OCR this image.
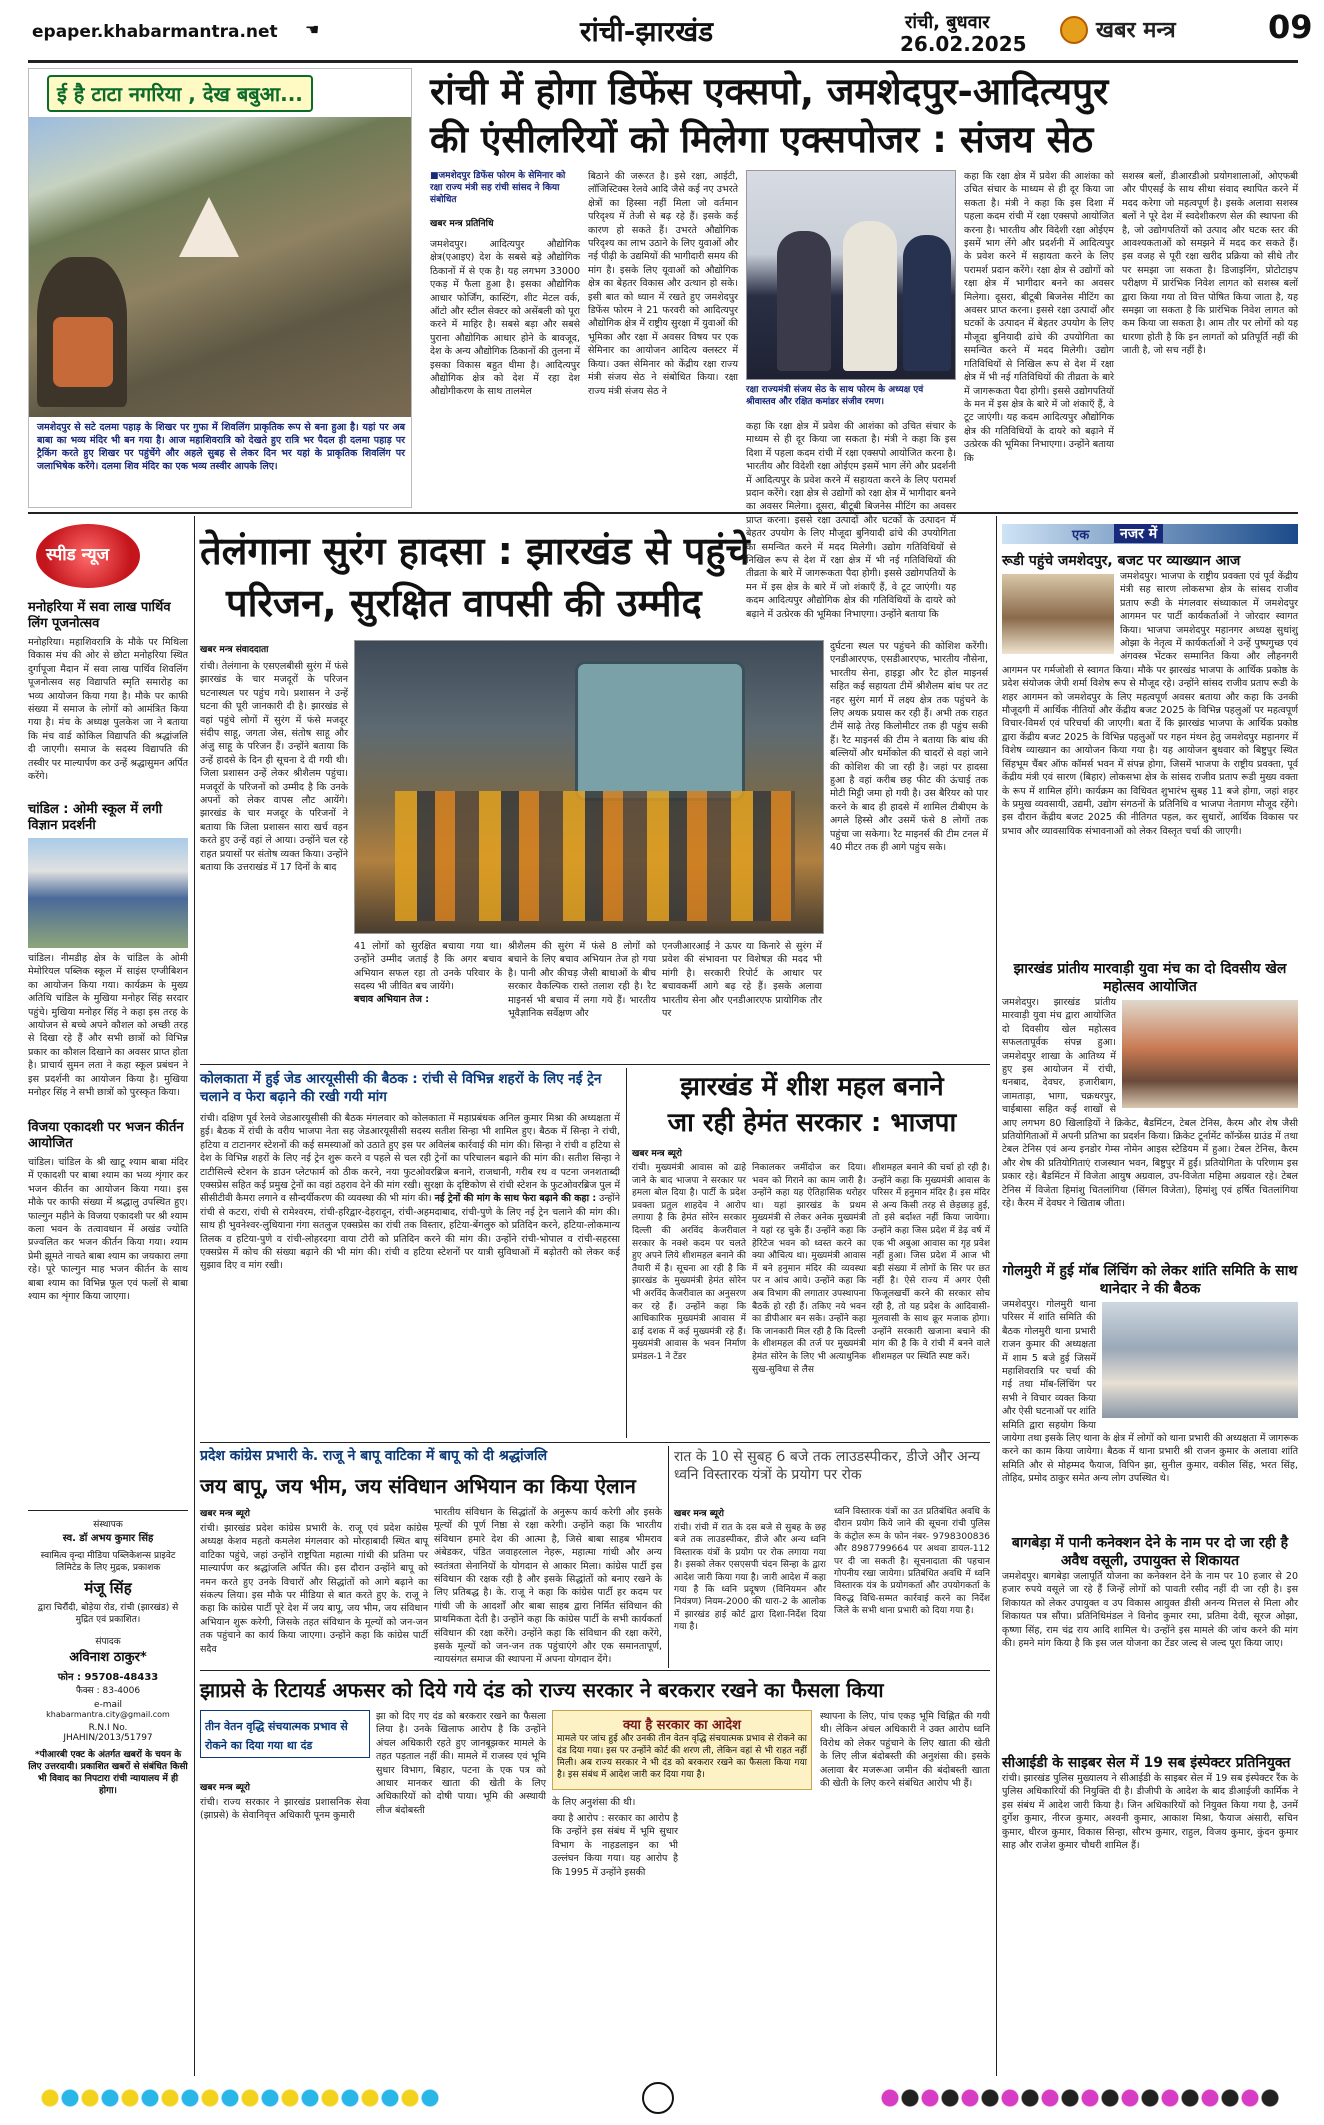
epaper.khabarmantra.net ☚	रांची-झारखंड	रांची, बुधवार
26.02.2025
खबर मन्त्र	09
ई है टाटा नगरिया , देख बबुआ...
जमशेदपुर से सटे दलमा पहाड़ के शिखर पर गुफा में शिवलिंग प्राकृतिक रूप से बना हुआ है। यहां पर अब बाबा का भव्य मंदिर भी बन गया है। आज महाशिवरात्रि को देखते हुए रात्रि भर पैदल ही दलमा पहाड़ पर ट्रैकिंग करते हुए शिखर पर पहुंचेंगे और अहले सुबह से लेकर दिन भर यहां के प्राकृतिक शिवलिंग पर जलाभिषेक करेंगे। दलमा शिव मंदिर का एक भव्य तस्वीर आपके लिए।
रांची में होगा डिफेंस एक्सपो, जमशेदपुर-आदित्यपुर
की एंसीलरियों को मिलेगा एक्सपोजर : संजय सेठ
■जमशेदपुर डिफेंस फोरम के सेमिनार को रक्षा राज्य मंत्री सह रांची सांसद ने किया संबोधित
खबर मन्त्र प्रतिनिधि
जमशेदपुर। आदित्यपुर औद्योगिक क्षेत्र(एआइए) देश के सबसे बड़े औद्योगिक ठिकानों में से एक है। यह लगभग 33000 एकड़ में फैला हुआ है। इसका औद्योगिक आधार फोर्जिंग, कास्टिंग, शीट मेटल वर्क, ऑटो और स्टील सेक्टर को असेंबली को पूरा करने में माहिर है। सबसे बड़ा और सबसे पुराना औद्योगिक आधार होने के बावजूद, देश के अन्य औद्योगिक ठिकानों की तुलना में इसका विकास बहुत धीमा है। आदित्यपुर औद्योगिक क्षेत्र को देश में रहा देश औद्योगीकरण के साथ तालमेल
बिठाने की जरूरत है। इसे रक्षा, आईटी, लॉजिस्टिक्स रेलवे आदि जैसे कई नए उभरते क्षेत्रों का हिस्सा नहीं मिला जो वर्तमान परिदृश्य में तेजी से बढ़ रहे हैं। इसके कई कारण हो सकते हैं। उभरते औद्योगिक परिदृश्य का लाभ उठाने के लिए युवाओं और नई पीढ़ी के उद्यमियों की भागीदारी समय की मांग है। इसके लिए यूवाओं को औद्योगिक क्षेत्र का बेहतर विकास और उत्थान हो सके। इसी बात को ध्यान में रखते हुए जमशेदपुर डिफेंस फोरम ने 21 फरवरी को आदित्यपुर औद्योगिक क्षेत्र में राष्ट्रीय सुरक्षा में युवाओं की भूमिका और रक्षा में अवसर विषय पर एक सेमिनार का आयोजन आदित्य क्लस्टर में किया। उक्त सेमिनार को केंद्रीय रक्षा राज्य मंत्री संजय सेठ ने संबोधित किया। रक्षा राज्य मंत्री संजय सेठ ने	रक्षा राज्यमंत्री संजय सेठ के साथ फोरम के अध्यक्ष एवं श्रीवास्तव और रक्षित कमांडर संजीव रमण।
कहा कि रक्षा क्षेत्र में प्रवेश की आशंका को उचित संचार के माध्यम से ही दूर किया जा सकता है। मंत्री ने कहा कि इस दिशा में पहला कदम रांची में रक्षा एक्सपो आयोजित करना है। भारतीय और विदेशी रक्षा ओईएम इसमें भाग लेंगे और प्रदर्शनी में आदित्यपुर के प्रवेश करने में सहायता करने के लिए परामर्श प्रदान करेंगे। रक्षा क्षेत्र से उद्योगों को रक्षा क्षेत्र में भागीदार बनने का अवसर मिलेगा। दूसरा, बीटूबी बिजनेस मीटिंग का अवसर प्राप्त करना। इससे रक्षा उत्पादों और घटकों के उत्पादन में बेहतर उपयोग के लिए मौजूदा बुनियादी ढांचे की उपयोगिता का समन्वित करने में मदद मिलेगी। उद्योग गतिविधियों से निखिल रूप से देश में रक्षा क्षेत्र में भी नई गतिविधियों की तीव्रता के बारे में जागरूकता पैदा होगी। इससे उद्योगपतियों के मन में इस क्षेत्र के बारे में जो शंकाएँ हैं, वे टूट जाएंगी। यह कदम आदित्यपुर औद्योगिक क्षेत्र की गतिविधियों के दायरे को बढ़ाने में उत्प्रेरक की भूमिका निभाएगा। उन्होंने बताया कि
सशस्त्र बलों, डीआरडीओ प्रयोगशालाओं, ओएफबी और पीएसई के साथ सीधा संवाद स्थापित करने में मदद करेगा जो महत्वपूर्ण है। इसके अलावा सशस्त्र बलों ने पूरे देश में स्वदेशीकरण सेल की स्थापना की है, जो उद्योगपतियों को उत्पाद और घटक स्तर की आवश्यकताओं को समझने में मदद कर सकते हैं। इस वजह से पूरी रक्षा खरीद प्रक्रिया को सीधे तौर पर समझा जा सकता है। डिजाइनिंग, प्रोटोटाइप परीक्षण में प्रारंभिक निवेश लागत को सशस्त्र बलों द्वारा किया गया तो वित्त पोषित किया जाता है, यह समझा जा सकता है कि प्रारंभिक निवेश लागत को कम किया जा सकता है। आम तौर पर लोगों को यह धारणा होती है कि इन लागतों को प्रतिपूर्ति नहीं की जाती है, जो सच नहीं है।
कहा कि रक्षा क्षेत्र में प्रवेश की आशंका को उचित संचार के माध्यम से ही दूर किया जा सकता है। मंत्री ने कहा कि इस दिशा में पहला कदम रांची में रक्षा एक्सपो आयोजित करना है। भारतीय और विदेशी रक्षा ओईएम इसमें भाग लेंगे और प्रदर्शनी में आदित्यपुर के प्रवेश करने में सहायता करने के लिए परामर्श प्रदान करेंगे। रक्षा क्षेत्र से उद्योगों को रक्षा क्षेत्र में भागीदार बनने का अवसर मिलेगा। दूसरा, बीटूबी बिजनेस मीटिंग का अवसर प्राप्त करना। इससे रक्षा उत्पादों और घटकों के उत्पादन में बेहतर उपयोग के लिए मौजूदा बुनियादी ढांचे की उपयोगिता का समन्वित करने में मदद मिलेगी। उद्योग गतिविधियों से निखिल रूप से देश में रक्षा क्षेत्र में भी नई गतिविधियों की तीव्रता के बारे में जागरूकता पैदा होगी। इससे उद्योगपतियों के मन में इस क्षेत्र के बारे में जो शंकाएँ हैं, वे टूट जाएंगी। यह कदम आदित्यपुर औद्योगिक क्षेत्र की गतिविधियों के दायरे को बढ़ाने में उत्प्रेरक की भूमिका निभाएगा। उन्होंने बताया कि
स्पीड न्यूज
मनोहरिया में सवा लाख पार्थिव लिंग पूजनोत्सव
मनोहरिया। महाशिवरात्रि के मौके पर मिथिला विकास मंच की ओर से छोटा मनोहरिया स्थित दुर्गापूजा मैदान में सवा लाख पार्थिव शिवलिंग पूजनोत्सव सह विद्यापति स्मृति समारोह का भव्य आयोजन किया गया है। मौके पर काफी संख्या में समाज के लोगों को आमंत्रित किया गया है। मंच के अध्यक्ष पुलकेश जा ने बताया कि मंच वार्ड कोकिल विद्यापति की श्रद्धांजलि दी जाएगी। समाज के सदस्य विद्यापति की तस्वीर पर माल्यार्पण कर उन्हें श्रद्धासुमन अर्पित करेंगे।
चांडिल : ओमी स्कूल में लगी विज्ञान प्रदर्शनी
चांडिल। नीमडीह क्षेत्र के चांडिल के ओमी मेमोरियल पब्लिक स्कूल में साइंस एग्जीबिशन का आयोजन किया गया। कार्यक्रम के मुख्य अतिथि चांडिल के मुखिया मनोहर सिंह सरदार पहुंचे। मुखिया मनोहर सिंह ने कहा इस तरह के आयोजन से बच्चे अपने कौशल को अच्छी तरह से दिखा रहे हैं और सभी छात्रों को विभिन्न प्रकार का कौशल दिखाने का अवसर प्राप्त होता है। प्राचार्य सुमन लता ने कहा स्कूल प्रबंधन ने इस प्रदर्शनी का आयोजन किया है। मुखिया मनोहर सिंह ने सभी छात्रों को पुरस्कृत किया।
विजया एकादशी पर भजन कीर्तन आयोजित
चांडिल। चांडिल के श्री खाटू श्याम बाबा मंदिर में एकादशी पर बाबा श्याम का भव्य शृंगार कर भजन कीर्तन का आयोजन किया गया। इस मौके पर काफी संख्या में श्रद्धालु उपस्थित हुए। फाल्गुन महीने के विजया एकादशी पर श्री श्याम कला भवन के तत्वावधान में अखंड ज्योति प्रज्वलित कर भजन कीर्तन किया गया। श्याम प्रेमी झूमते नाचते बाबा श्याम का जयकारा लगा रहे। पूरे फाल्गुन माह भजन कीर्तन के साथ बाबा श्याम का विभिन्न फूल एवं फलों से बाबा श्याम का शृंगार किया जाएगा।
संस्थापक
स्व. डॉ अभय कुमार सिंह
स्वामित्व वृन्दा मीडिया पब्लिकेशन्स प्राइवेट लिमिटेड के लिए मुद्रक, प्रकाशक
मंजू सिंह
द्वारा चिरौंदी, बोड़ेया रोड, रांची (झारखंड) से मुद्रित एवं प्रकाशित।
संपादक
अविनाश ठाकुर*
फोन : 95708-48433
फैक्स : 83-4006
e-mail
khabarmantra.city@gmail.com
R.N.I No.
JHAHIN/2013/51797
*पीआरबी एक्ट के अंतर्गत खबरों के चयन के लिए उत्तरदायी। प्रकाशित खबरों से संबंधित किसी भी विवाद का निपटारा रांची न्यायालय में ही होगा।
तेलंगाना सुरंग हादसा : झारखंड से पहुंचे
परिजन, सुरक्षित वापसी की उम्मीद
खबर मन्त्र संवाददाता
रांची। तेलंगाना के एसएलबीसी सुरंग में फंसे झारखंड के चार मजदूरों के परिजन घटनास्थल पर पहुंच गये। प्रशासन ने उन्हें घटना की पूरी जानकारी दी है। झारखंड से वहां पहुंचे लोगों में सुरंग में फंसे मजदूर संदीप साहू, जगता जेस, संतोष साहू और अंजु साहू के परिजन हैं। उन्होंने बताया कि उन्हें हादसे के दिन ही सूचना दे दी गयी थी। जिला प्रशासन उन्हें लेकर श्रीशैलम पहुंचा। मजदूरों के परिजनों को उम्मीद है कि उनके अपनों को लेकर वापस लौट आयेंगे। झारखंड के चार मजदूर के परिजनों ने बताया कि जिला प्रशासन सारा खर्च वहन करते हुए उन्हें वहां ले आया। उन्होंने चल रहे राहत प्रयासों पर संतोष व्यक्त किया। उन्होंने बताया कि उत्तराखंड में 17 दिनों के बाद
41 लोगों को सुरक्षित बचाया गया था। उन्होंने उम्मीद जताई है कि अगर बचाव अभियान सफल रहा तो उनके परिवार के सदस्य भी जीवित बच जायेंगे।
बचाव अभियान तेज :
श्रीशैलम की सुरंग में फंसे 8 लोगों को बचाने के लिए बचाव अभियान तेज हो गया है। पानी और कीचड़ जैसी बाधाओं के बीच सरकार वैकल्पिक रास्ते तलाश रही है। रैट माइनर्स भी बचाव में लगा गये हैं। भारतीय भूवैज्ञानिक सर्वेक्षण और
एनजीआरआई ने ऊपर या किनारे से सुरंग में प्रवेश की संभावना पर विशेषज्ञ की मदद भी मांगी है। सरकारी रिपोर्ट के आधार पर बचावकर्मी आगे बढ़ रहे हैं। इसके अलावा भारतीय सेना और एनडीआरएफ प्रायोगिक तौर पर
दुर्घटना स्थल पर पहुंचने की कोशिश करेंगी। एनडीआरएफ, एसडीआरएफ, भारतीय नौसेना, भारतीय सेना, हाइड्रा और रैट होल माइनर्स सहित कई सहायता टीमें श्रीशैलम बांध पर तट नहर सुरंग मार्ग में लक्ष्य क्षेत्र तक पहुंचने के लिए अथक प्रयास कर रही हैं। अभी तक राहत टीमें साढ़े तेरह किलोमीटर तक ही पहुंच सकी हैं। रैट माइनर्स की टीम ने बताया कि बांध की बल्लियों और धर्मोकोल की चादरों से वहां जाने की कोशिश की जा रही है। जहां पर हादसा हुआ है वहां करीब छह फीट की ऊंचाई तक मोटी मिट्टी जमा हो गयी है। उस बैरियर को पार करने के बाद ही हादसे में शामिल टीबीएम के अगले हिस्से और उसमें फंसे 8 लोगों तक पहुंचा जा सकेगा। रैट माइनर्स की टीम टनल में 40 मीटर तक ही आगे पहुंच सके।
कोलकाता में हुई जेड आरयूसीसी की बैठक : रांची से विभिन्न शहरों के लिए नई ट्रेन चलाने व फेरा बढ़ाने की रखी गयी मांग
रांची। दक्षिण पूर्व रेलवे जेडआरयूसीसी की बैठक मंगलवार को कोलकाता में महाप्रबंधक अनिल कुमार मिश्रा की अध्यक्षता में हुई। बैठक में रांची के वरीय भाजपा नेता सह जेडआरयूसीसी सदस्य सतीश सिन्हा भी शामिल हुए। बैठक में सिन्हा ने रांची, हटिया व टाटानगर स्टेशनों की कई समस्याओं को उठाते हुए इस पर अविलंब कार्रवाई की मांग की। सिन्हा ने रांची व हटिया से देश के विभिन्न शहरों के लिए नई ट्रेन शुरू करने व पहले से चल रही ट्रेनों का परिचालन बढ़ाने की मांग की। सतीश सिन्हा ने टाटीसिल्वे स्टेशन के डाउन प्लेटफार्म को ठीक करने, नया फुटओवरब्रिज बनाने, राजधानी, गरीब रथ व पटना जनशताब्दी एक्सप्रेस सहित कई प्रमुख ट्रेनों का वहां ठहराव देने की मांग रखी। सुरक्षा के दृष्टिकोण से रांची स्टेशन के फुटओवरब्रिज पुल में सीसीटीवी कैमरा लगाने व सौन्दर्यीकरण की व्यवस्था की भी मांग की। नई ट्रेनों की मांग के साथ फेरा बढ़ाने की कहा : उन्होंने रांची से कटरा, रांची से रामेश्वरम, रांची-हरिद्वार-देहरादून, रांची-अहमदाबाद, रांची-पुणे के लिए नई ट्रेन चलाने की मांग की। साथ ही भुवनेश्वर-लुधियाना गंगा सतलुज एक्सप्रेस का रांची तक विस्तार, हटिया-बेंगलुरु को प्रतिदिन करने, हटिया-लोकमान्य तिलक व हटिया-पुणे व रांची-लोहरदगा वाया टोरी को प्रतिदिन करने की मांग की। उन्होंने रांची-भोपाल व रांची-सहरसा एक्सप्रेस में कोच की संख्या बढ़ाने की भी मांग की। रांची व हटिया स्टेशनों पर यात्री सुविधाओं में बढ़ोतरी को लेकर कई सुझाव दिए व मांग रखी।
झारखंड में शीश महल बनाने
जा रही हेमंत सरकार : भाजपा
खबर मन्त्र ब्यूरो
रांची। मुख्यमंत्री आवास को ढाहे जाने के बाद भाजपा ने सरकार पर हमला बोल दिया है। पार्टी के प्रदेश प्रवक्ता प्रतुल शाहदेव ने आरोप लगाया है कि हेमंत सोरेन सरकार दिल्ली की अरविंद केजरीवाल सरकार के नक्शे कदम पर चलते हुए अपने लिये शीशमहल बनाने की तैयारी में है। सूचना आ रही है कि झारखंड के मुख्यमंत्री हेमंत सोरेन भी अरविंद केजरीवाल का अनुसरण कर रहे हैं। उन्होंने कहा कि आधिकारिक मुख्यमंत्री आवास में ढाई दशक में कई मुख्यमंत्री रहे हैं। मुख्यमंत्री आवास के भवन निर्माण प्रमंडल-1 ने टेंडर
निकालकर जमींदोज कर दिया। भवन को गिराने का काम जारी है। उन्होंने कहा यह ऐतिहासिक धरोहर था। यहां झारखंड के प्रथम मुख्यमंत्री से लेकर अनेक मुख्यमंत्री ने यहां रह चुके हैं। उन्होंने कहा कि हेरिटेज भवन को ध्वस्त करने का क्या औचित्य था। मुख्यमंत्री आवास में बने हनुमान मंदिर की व्यवस्था पर न आंच आये। उन्होंने कहा कि अब विभाग की लगातार उपस्थापना बैठकें हो रही हैं। तकिए नये भवन का डीपीआर बन सके। उन्होंने कहा कि जानकारी मिल रही है कि दिल्ली के शीशमहल की तर्ज पर मुख्यमंत्री हेमंत सोरेन के लिए भी अत्याधुनिक सुख-सुविधा से लैस
शीशमहल बनाने की चर्चा हो रही है। उन्होंने कहा कि मुख्यमंत्री आवास के परिसर में हनुमान मंदिर है। इस मंदिर से अन्य किसी तरह से छेड़छाड़ हुई, तो इसे बर्दाश्त नहीं किया जायेगा। उन्होंने कहा जिस प्रदेश में डेढ़ वर्ष में एक भी अबुआ आवास का गृह प्रवेश नहीं हुआ। जिस प्रदेश में आज भी बड़ी संख्या में लोगों के सिर पर छत नहीं है। ऐसे राज्य में अगर ऐसी फिजूलखर्ची करने की सरकार सोच रही है, तो यह प्रदेश के आदिवासी-मूलवासी के साथ क्रूर मजाक होगा। उन्होंने सरकारी खजाना बचाने की मांग की है कि वे रांची में बनने वाले शीशमहल पर स्थिति स्पष्ट करें।
प्रदेश कांग्रेस प्रभारी के. राजू ने बापू वाटिका में बापू को दी श्रद्धांजलि
जय बापू, जय भीम, जय संविधान अभियान का किया ऐलान
खबर मन्त्र ब्यूरो
रांची। झारखंड प्रदेश कांग्रेस प्रभारी के. राजू एवं प्रदेश कांग्रेस अध्यक्ष केशव महतो कमलेश मंगलवार को मोरहाबादी स्थित बापू वाटिका पहुंचे, जहां उन्होंने राष्ट्रपिता महात्मा गांधी की प्रतिमा पर माल्यार्पण कर श्रद्धांजलि अर्पित की। इस दौरान उन्होंने बापू को नमन करते हुए उनके विचारों और सिद्धांतों को आगे बढ़ाने का संकल्प लिया। इस मौके पर मीडिया से बात करते हुए के. राजू ने कहा कि कांग्रेस पार्टी पूरे देश में जय बापू, जय भीम, जय संविधान अभियान शुरू करेगी, जिसके तहत संविधान के मूल्यों को जन-जन तक पहुंचाने का कार्य किया जाएगा। उन्होंने कहा कि कांग्रेस पार्टी सदैव
भारतीय संविधान के सिद्धांतों के अनुरूप कार्य करेगी और इसके मूल्यों की पूर्ण निष्ठा से रक्षा करेगी। उन्होंने कहा कि भारतीय संविधान हमारे देश की आत्मा है, जिसे बाबा साहब भीमराव अंबेडकर, पंडित जवाहरलाल नेहरू, महात्मा गांधी और अन्य स्वतंत्रता सेनानियों के योगदान से आकार मिला। कांग्रेस पार्टी इस संविधान की रक्षक रही है और इसके सिद्धांतों को बनाए रखने के लिए प्रतिबद्ध है। के. राजू ने कहा कि कांग्रेस पार्टी हर कदम पर गांधी जी के आदर्शों और बाबा साहब द्वारा निर्मित संविधान की प्राथमिकता देती है। उन्होंने कहा कि कांग्रेस पार्टी के सभी कार्यकर्ता संविधान की रक्षा करेंगे। उन्होंने कहा कि संविधान की रक्षा करेंगे, इसके मूल्यों को जन-जन तक पहुंचाएंगे और एक समानतापूर्ण, न्यायसंगत समाज की स्थापना में अपना योगदान देंगे।
रात के 10 से सुबह 6 बजे तक लाउडस्पीकर, डीजे और अन्य ध्वनि विस्तारक यंत्रों के प्रयोग पर रोक
खबर मन्त्र ब्यूरो
रांची। रांची में रात के दस बजे से सुबह के छह बजे तक लाउडस्पीकर, डीजे और अन्य ध्वनि विस्तारक यंत्रों के प्रयोग पर रोक लगाया गया है। इसको लेकर एसएसपी चंदन सिन्हा के द्वारा आदेश जारी किया गया है। जारी आदेश में कहा गया है कि ध्वनि प्रदूषण (विनियमन और नियंत्रण) नियम-2000 की धारा-2 के आलोक में झारखंड हाई कोर्ट द्वारा दिशा-निर्देश दिया गया है।
ध्वनि विस्तारक यंत्रों का उत प्रतिबंधित अवधि के दौरान प्रयोग किये जाने की सूचना रांची पुलिस के कंट्रोल रूम के फोन नंबर- 9798300836 और 8987799664 पर अथवा डायल-112 पर दी जा सकती है। सूचनादाता की पहचान गोपनीय रखा जायेगा। प्रतिबंधित अवधि में ध्वनि विस्तारक यंत्र के प्रयोगकर्ता और उपयोगकर्ता के विरुद्ध विधि-सम्मत कार्रवाई करने का निर्देश जिले के सभी थाना प्रभारी को दिया गया है।
झाप्रसे के रिटायर्ड अफसर को दिये गये दंड को राज्य सरकार ने बरकरार रखने का फैसला किया
तीन वेतन वृद्धि संचयात्मक प्रभाव से रोकने का दिया गया था दंड
खबर मन्त्र ब्यूरो
रांची। राज्य सरकार ने झारखंड प्रशासनिक सेवा (झाप्रसे) के सेवानिवृत्त अधिकारी पूनम कुमारी
झा को दिए गए दंड को बरकरार रखने का फैसला लिया है। उनके खिलाफ आरोप है कि उन्होंने अंचल अधिकारी रहते हुए जानबूझकर मामले के तहत पड़ताल नहीं की। मामले में राजस्व एवं भूमि सुधार विभाग, बिहार, पटना के एक पत्र को आधार मानकर खाता की खेती के लिए अधिकारियों को दोषी पाया। भूमि की अस्थायी लीज बंदोबस्ती
क्या है सरकार का आदेश
मामले पर जांच हुई और उनकी तीन वेतन वृद्धि संचयात्मक प्रभाव से रोकने का दंड दिया गया। इस पर उन्होंने कोर्ट की शरण ली, लेकिन वहां से भी राहत नहीं मिली। अब राज्य सरकार ने भी दंड को बरकरार रखने का फैसला किया गया है। इस संबंध में आदेश जारी कर दिया गया है।
के लिए अनुशंसा की थी।
क्या है आरोप : सरकार का आरोप है कि उन्होंने इस संबंध में भूमि सुधार विभाग के नाहडलाइन का भी उल्लंघन किया गया। यह आरोप है कि 1995 में उन्होंने इसकी
स्थापना के लिए, पांच एकड़ भूमि चिह्नित की गयी थी। लेकिन अंचल अधिकारी ने उक्त आरोप ध्वनि विरोध को लेकर पहुंचाने के लिए खाता की खेती के लिए लीज बंदोबस्ती की अनुशंसा की। इसके अलावा बैर मजरूआ जमीन की बंदोबस्ती खाता की खेती के लिए करने संबंधित आरोप भी हैं।
एक	नजर में
रूडी पहुंचे जमशेदपुर, बजट पर व्याख्यान आज
जमशेदपुर। भाजपा के राष्ट्रीय प्रवक्ता एवं पूर्व केंद्रीय मंत्री सह सारण लोकसभा क्षेत्र के सांसद राजीव प्रताप रूडी के मंगलवार संध्याकाल में जमशेदपुर आगमन पर पार्टी कार्यकर्ताओं ने जोरदार स्वागत किया। भाजपा जमशेदपुर महानगर अध्यक्ष सुधांशु ओझा के नेतृत्व में कार्यकर्ताओं ने उन्हें पुष्पगुच्छ एवं अंगवस्त्र भेंटकर सम्मानित किया और लौहनगरी आगमन पर गर्मजोशी से स्वागत किया। मौके पर झारखंड भाजपा के आर्थिक प्रकोष्ठ के प्रदेश संयोजक जेपी शर्मा विशेष रूप से मौजूद रहे। उन्होंने सांसद राजीव प्रताप रूडी के शहर आगमन को जमशेदपुर के लिए महत्वपूर्ण अवसर बताया और कहा कि उनकी मौजूदगी में आर्थिक नीतियों और केंद्रीय बजट 2025 के विभिन्न पहलुओं पर महत्वपूर्ण विचार-विमर्श एवं परिचर्चा की जाएगी। बता दें कि झारखंड भाजपा के आर्थिक प्रकोष्ठ द्वारा केंद्रीय बजट 2025 के विभिन्न पहलुओं पर गहन मंथन हेतु जमशेदपुर महानगर में विशेष व्याख्यान का आयोजन किया गया है। यह आयोजन बुधवार को बिष्टुपुर स्थित सिंहभूम चैंबर ऑफ कॉमर्स भवन में संपन्न होगा, जिसमें भाजपा के राष्ट्रीय प्रवक्ता, पूर्व केंद्रीय मंत्री एवं सारण (बिहार) लोकसभा क्षेत्र के सांसद राजीव प्रताप रूडी मुख्य वक्ता के रूप में शामिल होंगे। कार्यक्रम का विधिवत शुभारंभ सुबह 11 बजे होगा, जहां शहर के प्रमुख व्यवसायी, उद्यमी, उद्योग संगठनों के प्रतिनिधि व भाजपा नेतागण मौजूद रहेंगे। इस दौरान केंद्रीय बजट 2025 की नीतिगत पहल, कर सुधारों, आर्थिक विकास पर प्रभाव और व्यावसायिक संभावनाओं को लेकर विस्तृत चर्चा की जाएगी।
झारखंड प्रांतीय मारवाड़ी युवा मंच का दो दिवसीय खेल महोत्सव आयोजित
जमशेदपुर। झारखंड प्रांतीय मारवाड़ी युवा मंच द्वारा आयोजित दो दिवसीय खेल महोत्सव सफलतापूर्वक संपन्न हुआ। जमशेदपुर शाखा के आतिथ्य में हुए इस आयोजन में रांची, धनबाद, देवघर, हजारीबाग, जामताड़ा, भागा, चक्रधरपुर, चाईबासा सहित कई शाखों से आए लगभग 80 खिलाड़ियों ने क्रिकेट, बैडमिंटन, टेबल टेनिस, कैरम और शेष जैसी प्रतियोगिताओं में अपनी प्रतिभा का प्रदर्शन किया। क्रिकेट टूर्नामेंट कॉन्फ्रेंस ग्राउंड में तथा टेबल टेनिस एवं अन्य इनडोर गेम्स नोमेन आइस स्टेडियम में हुआ। टेबल टेनिस, कैरम और शेष की प्रतियोगिताएं राजस्थान भवन, बिष्टुपुर में हुईं। प्रतियोगिता के परिणाम इस प्रकार रहे। बैडमिंटन में विजेता आयुष अग्रवाल, उप-विजेता महिमा अग्रवाल रहे। टेबल टेनिस में विजेता हिमांशु चितलांगिया (सिंगल विजेता), हिमांशु एवं हर्षित चितलांगिया रहे। कैरम में देवघर ने खिताब जीता।
गोलमुरी में हुई मॉब लिंचिंग को लेकर शांति समिति के साथ थानेदार ने की बैठक
जमशेदपुर। गोलमुरी थाना परिसर में शांति समिति की बैठक गोलमुरी थाना प्रभारी राजन कुमार की अध्यक्षता में शाम 5 बजे हुई जिसमें महाशिवरात्रि पर चर्चा की गई तथा मॉब-लिंचिंग पर सभी ने विचार व्यक्त किया और ऐसी घटनाओं पर शांति समिति द्वारा सहयोग किया जायेगा तथा इसके लिए थाना के क्षेत्र में लोगों को थाना प्रभारी की अध्यक्षता में जागरूक करने का काम किया जायेगा। बैठक में थाना प्रभारी श्री राजन कुमार के अलावा शांति समिति और से मोहम्मद फैयाज, विपिन झा, सुनील कुमार, वकील सिंह, भरत सिंह, तोहिद, प्रमोद ठाकुर समेत अन्य लोग उपस्थित थे।
बागबेड़ा में पानी कनेक्शन देने के नाम पर दो जा रही है अवैध वसूली, उपायुक्त से शिकायत
जमशेदपुर। बागबेड़ा जलापूर्ति योजना का कनेक्शन देने के नाम पर 10 हजार से 20 हजार रुपये वसूले जा रहे हैं जिन्हें लोगों को पावती रसीद नहीं दी जा रही है। इस शिकायत को लेकर उपायुक्त व उप विकास आयुक्त डीसी अनन्य मित्तल से मिला और शिकायत पत्र सौंपा। प्रतिनिधिमंडल ने विनोद कुमार रमा, प्रतिमा देवी, सूरज ओझा, कृष्णा सिंह, राम चंद्र राय आदि शामिल थे। उन्होंने इस मामले की जांच करने की मांग की। हमने मांग किया है कि इस जल योजना का टेंडर जल्द से जल्द पूरा किया जाए।
सीआईडी के साइबर सेल में 19 सब इंस्पेक्टर प्रतिनियुक्त
रांची। झारखंड पुलिस मुख्यालय ने सीआईडी के साइबर सेल में 19 सब इंस्पेक्टर रैंक के पुलिस अधिकारियों की नियुक्ति दी है। डीजीपी के आदेश के बाद डीआईजी कार्मिक ने इस संबंध में आदेश जारी किया है। जिन अधिकारियों को नियुक्त किया गया है, उनमें दुर्गेश कुमार, नीरज कुमार, अश्वनी कुमार, आकाश मिश्रा, फैयाज अंसारी, सचिन कुमार, धीरज कुमार, विकास सिन्हा, सौरभ कुमार, राहुल, विजय कुमार, कुंदन कुमार साह और राजेश कुमार चौधरी शामिल हैं।
